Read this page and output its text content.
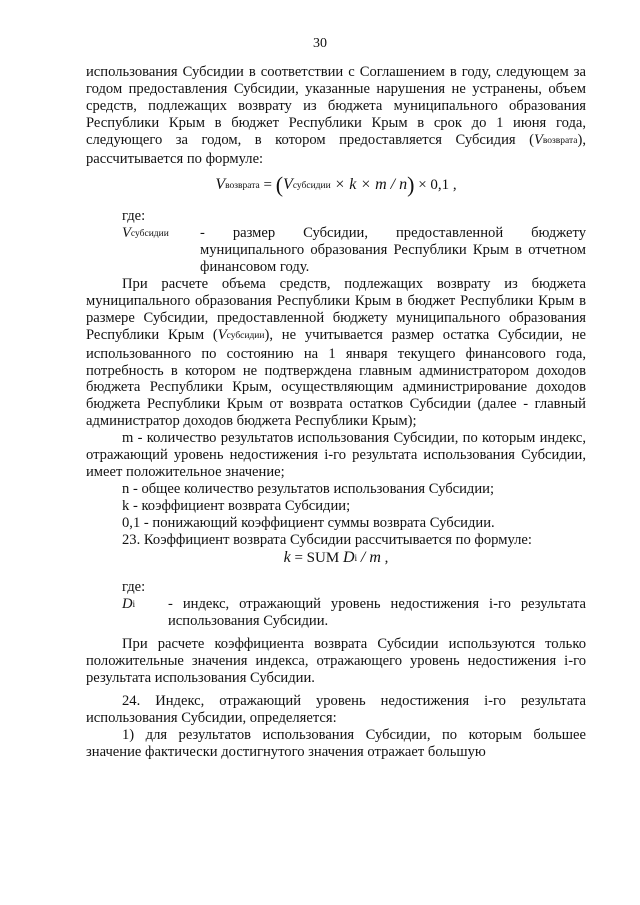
30

использования Субсидии в соответствии с Соглашением в году, следующем за годом предоставления Субсидии, указанные нарушения не устранены, объем средств, подлежащих возврату из бюджета муниципального образования Республики Крым в бюджет Республики Крым в срок до 1 июня года, следующего за годом, в котором предоставляется Субсидия (Vвозврата), рассчитывается по формуле:

Vвозврата = (Vсубсидии × k × m / n) × 0,1 ,

где:

Vсубсидии	- размер Субсидии, предоставленной бюджету муниципального образования Республики Крым в отчетном финансовом году.

При расчете объема средств, подлежащих возврату из бюджета муниципального образования Республики Крым в бюджет Республики Крым в размере Субсидии, предоставленной бюджету муниципального образования Республики Крым (Vсубсидии), не учитывается размер остатка Субсидии, не использованного по состоянию на 1 января текущего финансового года, потребность в котором не подтверждена главным администратором доходов бюджета Республики Крым, осуществляющим администрирование доходов бюджета Республики Крым от возврата остатков Субсидии (далее - главный администратор доходов бюджета Республики Крым);

m - количество результатов использования Субсидии, по которым индекс, отражающий уровень недостижения i-го результата использования Субсидии, имеет положительное значение;

n - общее количество результатов использования Субсидии;

k - коэффициент возврата Субсидии;

0,1 - понижающий коэффициент суммы возврата Субсидии.

23. Коэффициент возврата Субсидии рассчитывается по формуле:

k = SUM Di / m ,

где:

Di	- индекс, отражающий уровень недостижения i-го результата использования Субсидии.

При расчете коэффициента возврата Субсидии используются только положительные значения индекса, отражающего уровень недостижения i-го результата использования Субсидии.

24. Индекс, отражающий уровень недостижения i-го результата использования Субсидии, определяется:

1) для результатов использования Субсидии, по которым большее значение фактически достигнутого значения отражает большую
